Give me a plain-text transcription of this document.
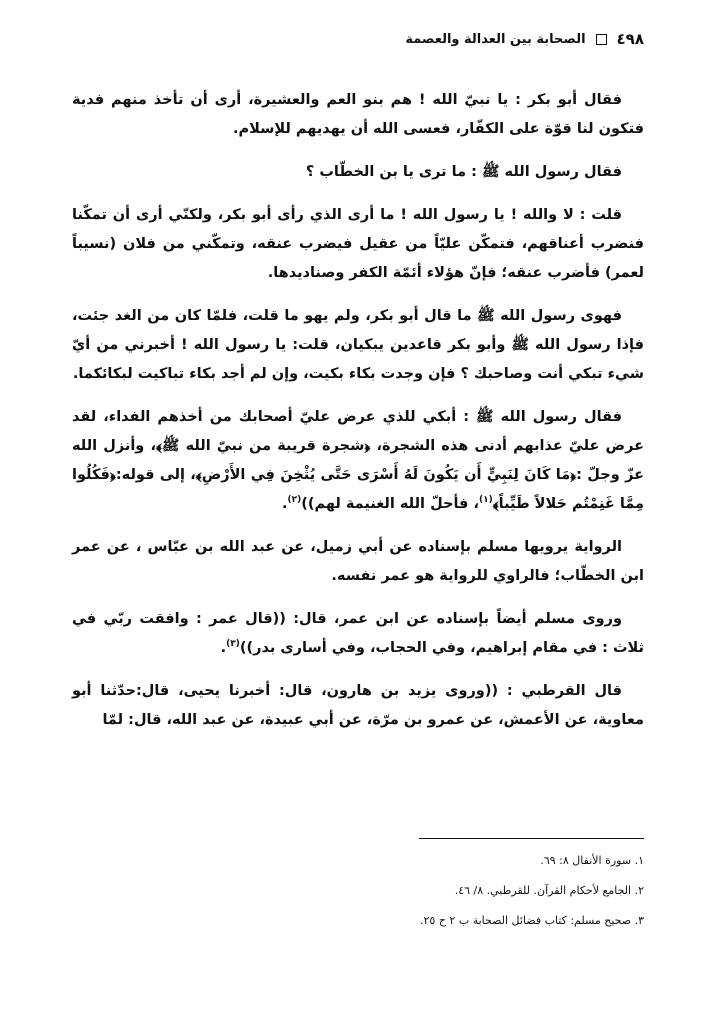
٤٩٨
الصحابة بين العدالة والعصمة

فقال أبو بكر : يا نبيّ الله ! هم بنو العم والعشيرة، أرى أن تأخذ منهم فدية فتكون لنا قوّة على الكفّار، فعسى الله أن يهديهم للإسلام.

فقال رسول الله ﷺ : ما ترى يا بن الخطّاب ؟

قلت : لا والله ! يا رسول الله ! ما أرى الذي رأى أبو بكر، ولكنّي أرى أن تمكّنا فنضرب أعناقهم، فتمكّن عليّاً من عقيل فيضرب عنقه، وتمكّني من فلان (نسيباً لعمر) فأضرب عنقه؛ فإنّ هؤلاء أئمّة الكفر وصناديدها.

فهوى رسول الله ﷺ ما قال أبو بكر، ولم يهو ما قلت، فلمّا كان من الغد جئت، فإذا رسول الله ﷺ وأبو بكر قاعدين يبكيان، قلت: يا رسول الله ! أخبرني من أيّ شيء تبكي أنت وصاحبك ؟ فإن وجدت بكاء بكيت، وإن لم أجد بكاء تباكيت لبكائكما.

فقال رسول الله ﷺ : أبكي للذي عرض عليّ أصحابك من أخذهم الفداء، لقد عرض عليّ عذابهم أدنى هذه الشجرة، ﴿شجرة قريبة من نبيّ الله ﷺ﴾، وأنزل الله عزّ وجلّ :﴿مَا كَانَ لِنَبِيٍّ أَن يَكُونَ لَهُ أَسْرَى حَتَّى يُثْخِنَ فِي الأَرْضِ﴾، إلى قوله:﴿فَكُلُوا مِمَّا غَنِمْتُم حَلالاً طَيِّباً﴾$^{(١)}$، فأحلّ الله الغنيمة لهم))$^{(٢)}$.

الرواية يرويها مسلم بإسناده عن أبي زميل، عن عبد الله بن عبّاس ، عن عمر ابن الخطّاب؛ فالراوي للرواية هو عمر نفسه.

وروى مسلم أيضاً بإسناده عن ابن عمر، قال: ((قال عمر : وافقت ربّي في ثلاث : في مقام إبراهيم، وفي الحجاب، وفي أسارى بدر))$^{(٣)}$.

قال القرطبي : ((وروى يزيد بن هارون، قال: أخبرنا يحيى، قال:حدّثنا أبو معاوية، عن الأعمش، عن عمرو بن مرّة، عن أبي عبيدة، عن عبد الله، قال: لمّا

١. سورة الأنفال ٨: ٦٩.
٢. الجامع لأحكام القرآن. للقرطبي. ٨/ ٤٦.
٣. صحيح مسلم: كتاب فضائل الصحابة ب ٢ ح ٢٥.
